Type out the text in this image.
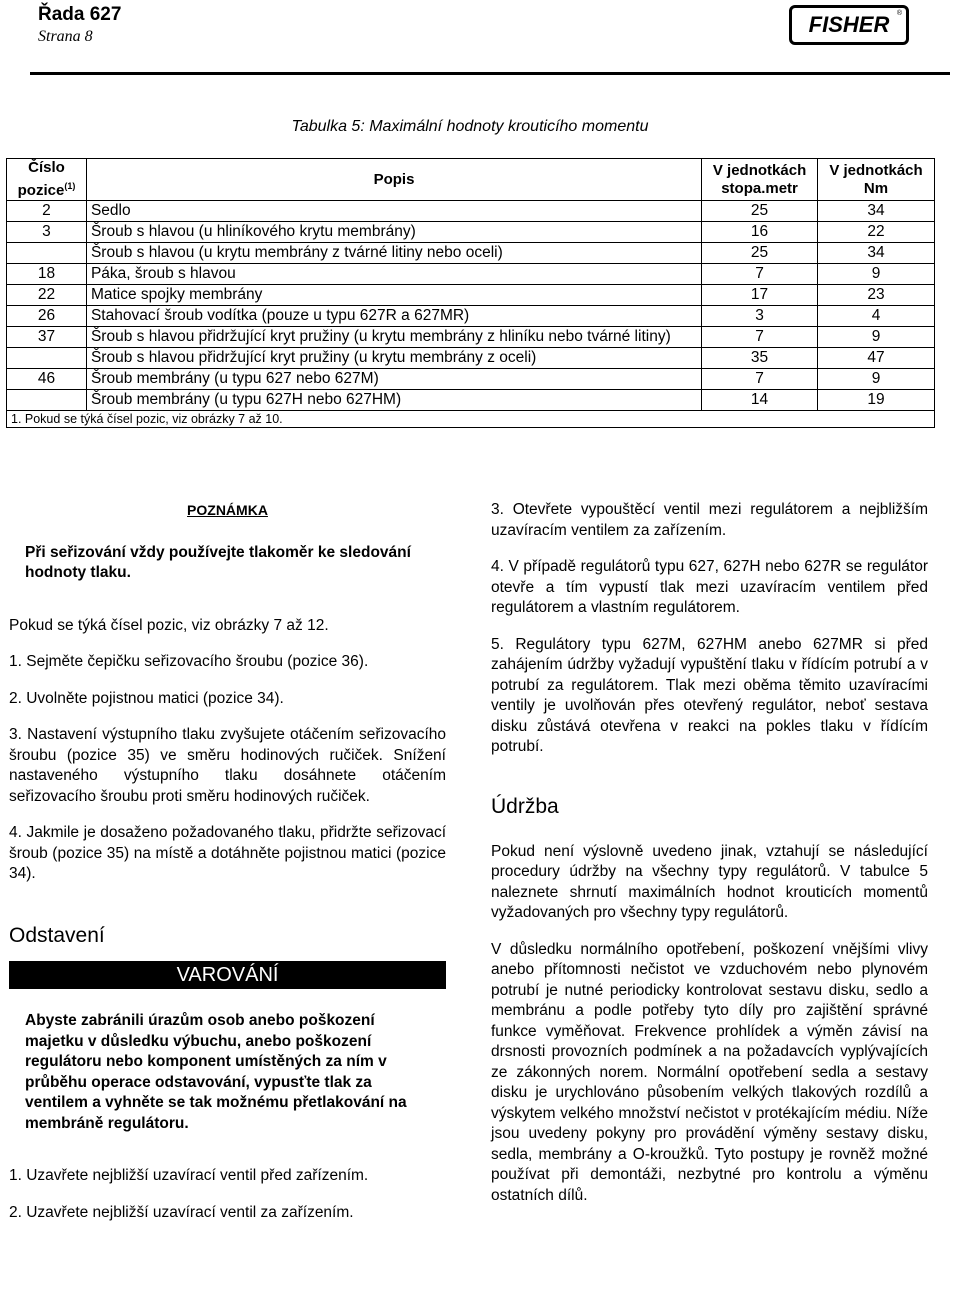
Řada 627
Strana 8	FISHER ®
Tabulka 5: Maximální hodnoty krouticího momentu
Číslo pozice$^{(1)}$	Popis	V jednotkách stopa.metr	V jednotkách Nm
2	Sedlo	25	34
3	Šroub s hlavou (u hliníkového krytu membrány)	16	22
	Šroub s hlavou (u krytu membrány z tvárné litiny nebo oceli)	25	34
18	Páka, šroub s hlavou	7	9
22	Matice spojky membrány	17	23
26	Stahovací šroub vodítka (pouze u typu 627R a 627MR)	3	4
37	Šroub s hlavou přidržující kryt pružiny (u krytu membrány z hliníku nebo tvárné litiny)	7	9
	Šroub s hlavou přidržující kryt pružiny (u krytu membrány z oceli)	35	47
46	Šroub membrány (u typu 627 nebo 627M)	7	9
	Šroub membrány (u typu 627H nebo 627HM)	14	19
1. Pokud se týká čísel pozic, viz obrázky 7 až 10.			

POZNÁMKA

Při seřizování vždy používejte tlakoměr ke sledování hodnoty tlaku.

Pokud se týká čísel pozic, viz obrázky 7 až 12.

1. Sejměte čepičku seřizovacího šroubu (pozice 36).

2. Uvolněte pojistnou matici (pozice 34).

3. Nastavení výstupního tlaku zvyšujete otáčením seřizovacího šroubu (pozice 35) ve směru hodinových ručiček. Snížení nastaveného výstupního tlaku dosáhnete otáčením seřizovacího šroubu proti směru hodinových ručiček.

4. Jakmile je dosaženo požadovaného tlaku, přidržte seřizovací šroub (pozice 35) na místě a dotáhněte pojistnou matici (pozice 34).

Odstavení

VAROVÁNÍ

Abyste zabránili úrazům osob anebo poškození majetku v důsledku výbuchu, anebo poškození regulátoru nebo komponent umístěných za ním v průběhu operace odstavování, vypusťte tlak za ventilem a vyhněte se tak možnému přetlakování na membráně regulátoru.

1. Uzavřete nejbližší uzavírací ventil před zařízením.

2. Uzavřete nejbližší uzavírací ventil za zařízením.

3. Otevřete vypouštěcí ventil mezi regulátorem a nejbližším uzavíracím ventilem za zařízením.

4. V případě regulátorů typu 627, 627H nebo 627R se regulátor otevře a tím vypustí tlak mezi uzavíracím ventilem před regulátorem a vlastním regulátorem.

5. Regulátory typu 627M, 627HM anebo 627MR si před zahájením údržby vyžadují vypuštění tlaku v řídícím potrubí a v potrubí za regulátorem. Tlak mezi oběma těmito uzavíracími ventily je uvolňován přes otevřený regulátor, neboť sestava disku zůstává otevřena v reakci na pokles tlaku v řídícím potrubí.

Údržba

Pokud není výslovně uvedeno jinak, vztahují se následující procedury údržby na všechny typy regulátorů. V tabulce 5 naleznete shrnutí maximálních hodnot krouticích momentů vyžadovaných pro všechny typy regulátorů.

V důsledku normálního opotřebení, poškození vnějšími vlivy anebo přítomnosti nečistot ve vzduchovém nebo plynovém potrubí je nutné periodicky kontrolovat sestavu disku, sedlo a membránu a podle potřeby tyto díly pro zajištění správné funkce vyměňovat. Frekvence prohlídek a výměn závisí na drsnosti provozních podmínek a na požadavcích vyplývajících ze zákonných norem. Normální opotřebení sedla a sestavy disku je urychlováno působením velkých tlakových rozdílů a výskytem velkého množství nečistot v protékajícím médiu. Níže jsou uvedeny pokyny pro provádění výměny sestavy disku, sedla, membrány a O-kroužků. Tyto postupy je rovněž možné používat při demontáži, nezbytné pro kontrolu a výměnu ostatních dílů.
